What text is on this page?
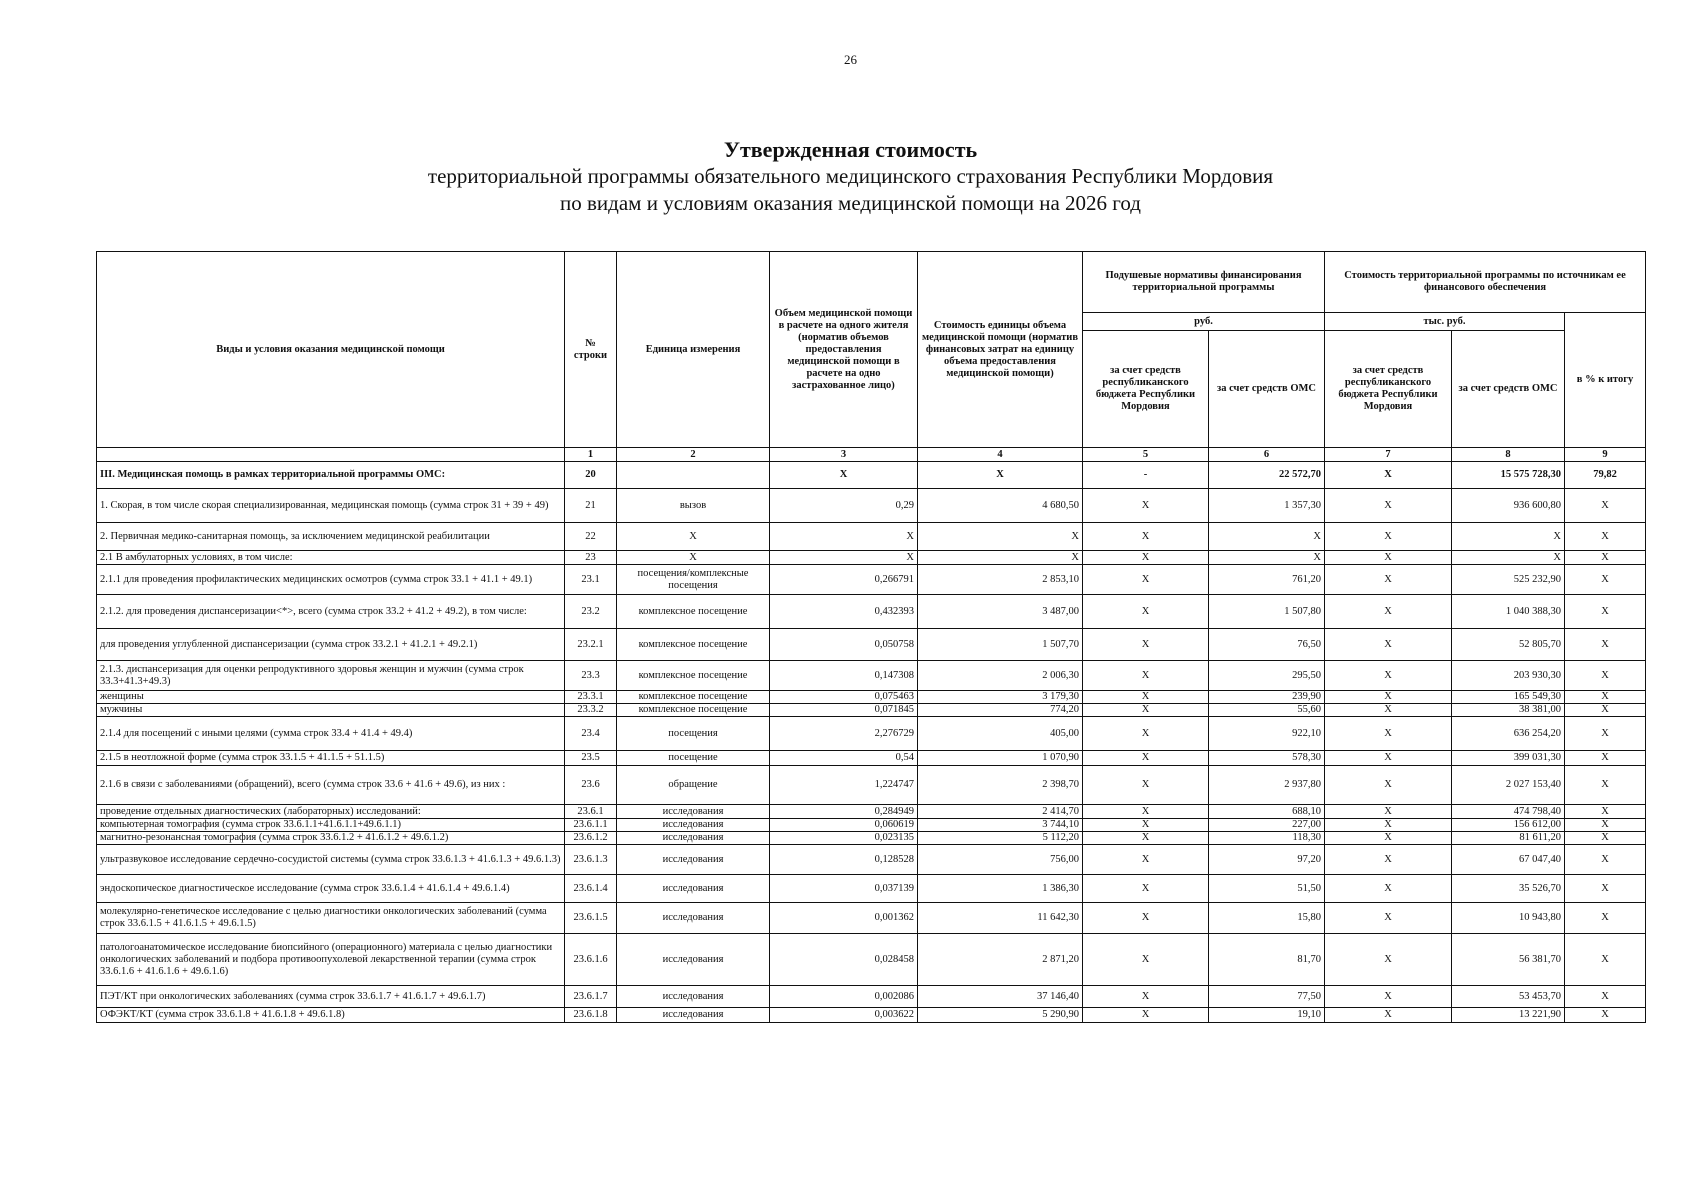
26
Утвержденная стоимость
территориальной программы обязательного медицинского страхования Республики Мордовия
по видам и условиям оказания медицинской помощи на 2026 год
Виды и условия оказания медицинской помощи	№ строки	Единица измерения	Объем медицинской помощи в расчете на одного жителя (норматив объемов предоставления медицинской помощи в расчете на одно застрахованное лицо)	Стоимость единицы объема медицинской помощи (норматив финансовых затрат на единицу объема предоставления медицинской помощи)	Подушевые нормативы финансирования территориальной программы		Стоимость территориальной программы по источникам ее финансового обеспечения		
					руб.		тыс. руб.		в % к итогу
					за счет средств республиканского бюджета Республики Мордовия	за счет средств ОМС	за счет средств республиканского бюджета Республики Мордовия	за счет средств ОМС	
	1	2	3	4	5	6	7	8	9
III. Медицинская помощь в рамках территориальной программы ОМС:	20		X	X	-	22 572,70	X	15 575 728,30	79,82
1. Скорая, в том числе скорая специализированная, медицинская помощь (сумма строк 31 + 39 + 49)	21	вызов	0,29	4 680,50	X	1 357,30	X	936 600,80	X
2. Первичная медико-санитарная помощь, за исключением медицинской реабилитации	22	X	X	X	X	X	X	X	X
2.1 В амбулаторных условиях, в том числе:	23	X	X	X	X	X	X	X	X
2.1.1 для проведения профилактических медицинских осмотров (сумма строк 33.1 + 41.1 + 49.1)	23.1	посещения/комплексные посещения	0,266791	2 853,10	X	761,20	X	525 232,90	X
2.1.2. для проведения диспансеризации<*>, всего (сумма строк 33.2 + 41.2 + 49.2), в том числе:	23.2	комплексное посещение	0,432393	3 487,00	X	1 507,80	X	1 040 388,30	X
для проведения углубленной диспансеризации (сумма строк 33.2.1 + 41.2.1 + 49.2.1)	23.2.1	комплексное посещение	0,050758	1 507,70	X	76,50	X	52 805,70	X
2.1.3. диспансеризация для оценки репродуктивного здоровья женщин и мужчин (сумма строк 33.3+41.3+49.3)	23.3	комплексное посещение	0,147308	2 006,30	X	295,50	X	203 930,30	X
женщины	23.3.1	комплексное посещение	0,075463	3 179,30	X	239,90	X	165 549,30	X
мужчины	23.3.2	комплексное посещение	0,071845	774,20	X	55,60	X	38 381,00	X
2.1.4 для посещений с иными целями (сумма строк 33.4 + 41.4 + 49.4)	23.4	посещения	2,276729	405,00	X	922,10	X	636 254,20	X
2.1.5 в неотложной форме (сумма строк 33.1.5 + 41.1.5 + 51.1.5)	23.5	посещение	0,54	1 070,90	X	578,30	X	399 031,30	X
2.1.6 в связи с заболеваниями (обращений), всего (сумма строк 33.6 + 41.6 + 49.6), из них :	23.6	обращение	1,224747	2 398,70	X	2 937,80	X	2 027 153,40	X
проведение отдельных диагностических (лабораторных) исследований:	23.6.1	исследования	0,284949	2 414,70	X	688,10	X	474 798,40	X
компьютерная томография (сумма строк 33.6.1.1+41.6.1.1+49.6.1.1)	23.6.1.1	исследования	0,060619	3 744,10	X	227,00	X	156 612,00	X
магнитно-резонансная томография (сумма строк 33.6.1.2 + 41.6.1.2 + 49.6.1.2)	23.6.1.2	исследования	0,023135	5 112,20	X	118,30	X	81 611,20	X
ультразвуковое исследование сердечно-сосудистой системы (сумма строк 33.6.1.3 + 41.6.1.3 + 49.6.1.3)	23.6.1.3	исследования	0,128528	756,00	X	97,20	X	67 047,40	X
эндоскопическое диагностическое исследование (сумма строк 33.6.1.4 + 41.6.1.4 + 49.6.1.4)	23.6.1.4	исследования	0,037139	1 386,30	X	51,50	X	35 526,70	X
молекулярно-генетическое исследование с целью диагностики онкологических заболеваний (сумма строк 33.6.1.5 + 41.6.1.5 + 49.6.1.5)	23.6.1.5	исследования	0,001362	11 642,30	X	15,80	X	10 943,80	X
патологоанатомическое исследование биопсийного (операционного) материала с целью диагностики онкологических заболеваний и подбора противоопухолевой лекарственной терапии (сумма строк 33.6.1.6 + 41.6.1.6 + 49.6.1.6)	23.6.1.6	исследования	0,028458	2 871,20	X	81,70	X	56 381,70	X
ПЭТ/КТ при онкологических заболеваниях (сумма строк 33.6.1.7 + 41.6.1.7 + 49.6.1.7)	23.6.1.7	исследования	0,002086	37 146,40	X	77,50	X	53 453,70	X
ОФЭКТ/КТ (сумма строк 33.6.1.8 + 41.6.1.8 + 49.6.1.8)	23.6.1.8	исследования	0,003622	5 290,90	X	19,10	X	13 221,90	X
